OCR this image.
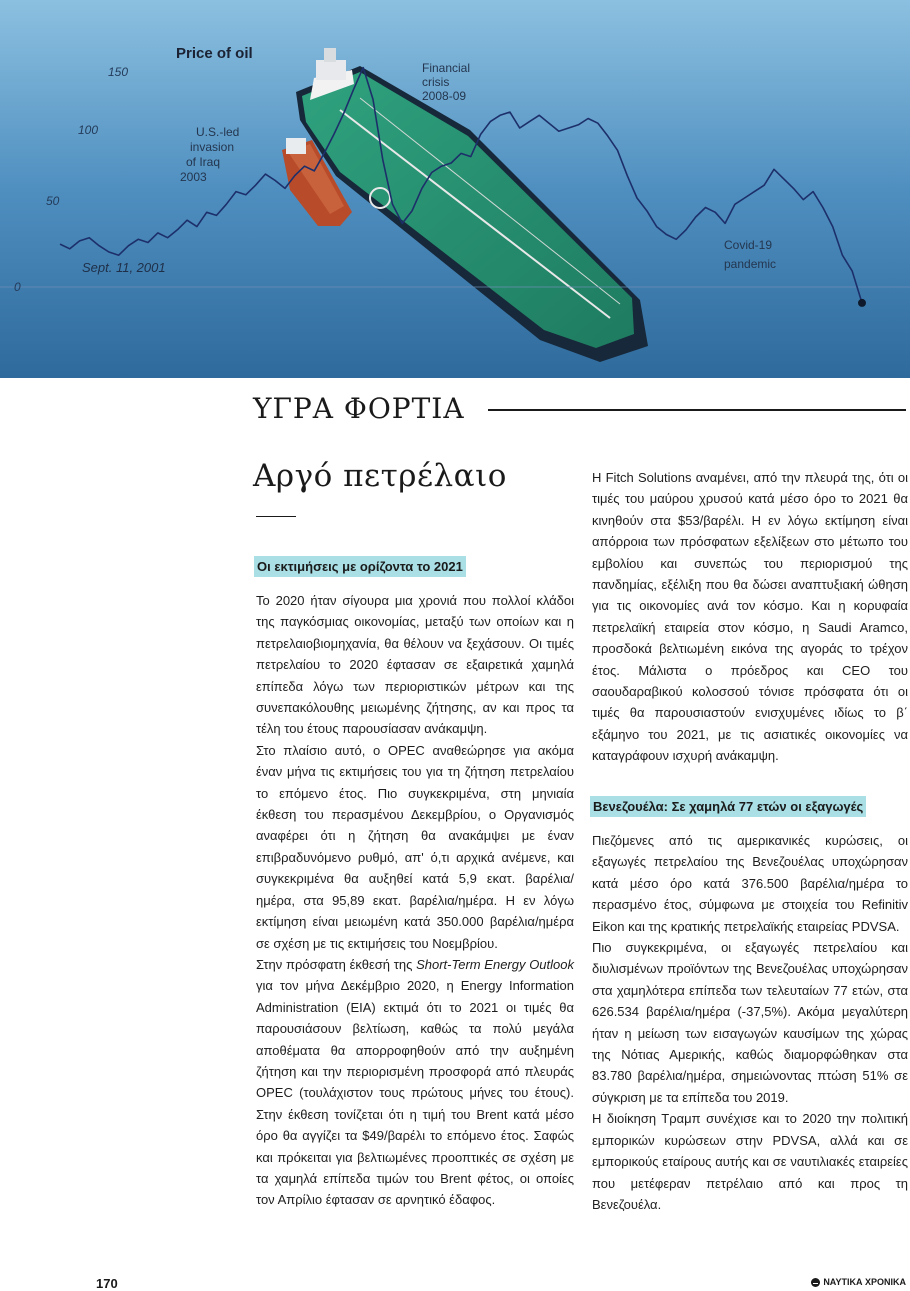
150
100
50
0
Price of oil
Sept. 11, 2001
U.S.-led
invasion
of Iraq
2003
Financial
crisis
2008-09
Covid-19
pandemic
ΥΓΡΑ ΦΟΡΤΙΑ
Αργό πετρέλαιο
Οι εκτιμήσεις με ορίζοντα το 2021

Το 2020 ήταν σίγουρα μια χρονιά που πολλοί κλάδοι της παγκόσμιας οικονομίας, μεταξύ των οποίων και η πετρελαιοβιομηχανία, θα θέλουν να ξεχάσουν. Οι τιμές πετρελαίου το 2020 έφτασαν σε εξαιρετικά χαμηλά επίπεδα λόγω των περιοριστικών μέτρων και της συνεπακόλουθης μειωμένης ζήτησης, αν και προς τα τέλη του έτους παρουσίασαν ανάκαμψη.

Στο πλαίσιο αυτό, ο OPEC αναθεώρησε για ακόμα έναν μήνα τις εκτιμήσεις του για τη ζήτηση πετρελαίου το επόμενο έτος. Πιο συγκεκριμένα, στη μηνιαία έκθεση του περασμένου Δεκεμβρίου, ο Οργανισμός αναφέρει ότι η ζήτηση θα ανακάμψει με έναν επιβραδυνόμενο ρυθμό, απ' ό,τι αρχικά ανέμενε, και συγκεκριμένα θα αυξηθεί κατά 5,9 εκατ. βαρέλια/ημέρα, στα 95,89 εκατ. βαρέλια/ημέρα. Η εν λόγω εκτίμηση είναι μειωμένη κατά 350.000 βαρέλια/ημέρα σε σχέση με τις εκτιμήσεις του Νοεμβρίου.

Στην πρόσφατη έκθεσή της Short-Term Energy Outlook για τον μήνα Δεκέμβριο 2020, η Energy Information Administration (EIA) εκτιμά ότι το 2021 οι τιμές θα παρουσιάσουν βελτίωση, καθώς τα πολύ μεγάλα αποθέματα θα απορροφηθούν από την αυξημένη ζήτηση και την περιορισμένη προσφορά από πλευράς OPEC (τουλάχιστον τους πρώτους μήνες του έτους). Στην έκθεση τονίζεται ότι η τιμή του Brent κατά μέσο όρο θα αγγίζει τα $49/βαρέλι το επόμενο έτος. Σαφώς και πρόκειται για βελτιωμένες προοπτικές σε σχέση με τα χαμηλά επίπεδα τιμών του Brent φέτος, οι οποίες τον Απρίλιο έφτασαν σε αρνητικό έδαφος.

Η Fitch Solutions αναμένει, από την πλευρά της, ότι οι τιμές του μαύρου χρυσού κατά μέσο όρο το 2021 θα κινηθούν στα $53/βαρέλι. Η εν λόγω εκτίμηση είναι απόρροια των πρόσφατων εξελίξεων στο μέτωπο του εμβολίου και συνεπώς του περιορισμού της πανδημίας, εξέλιξη που θα δώσει αναπτυξιακή ώθηση για τις οικονομίες ανά τον κόσμο. Και η κορυφαία πετρελαϊκή εταιρεία στον κόσμο, η Saudi Aramco, προσδοκά βελτιωμένη εικόνα της αγοράς το τρέχον έτος. Μάλιστα ο πρόεδρος και CEO του σαουδαραβικού κολοσσού τόνισε πρόσφατα ότι οι τιμές θα παρουσιαστούν ενισχυμένες ιδίως το β΄ εξάμηνο του 2021, με τις ασιατικές οικονομίες να καταγράφουν ισχυρή ανάκαμψη.

Βενεζουέλα: Σε χαμηλά 77 ετών οι εξαγωγές

Πιεζόμενες από τις αμερικανικές κυρώσεις, οι εξαγωγές πετρελαίου της Βενεζουέλας υποχώρησαν κατά μέσο όρο κατά 376.500 βαρέλια/ημέρα το περασμένο έτος, σύμφωνα με στοιχεία του Refinitiv Eikon και της κρατικής πετρελαϊκής εταιρείας PDVSA.

Πιο συγκεκριμένα, οι εξαγωγές πετρελαίου και διυλισμένων προϊόντων της Βενεζουέλας υποχώρησαν στα χαμηλότερα επίπεδα των τελευταίων 77 ετών, στα 626.534 βαρέλια/ημέρα (-37,5%). Ακόμα μεγαλύτερη ήταν η μείωση των εισαγωγών καυσίμων της χώρας της Νότιας Αμερικής, καθώς διαμορφώθηκαν στα 83.780 βαρέλια/ημέρα, σημειώνοντας πτώση 51% σε σύγκριση με τα επίπεδα του 2019.

Η διοίκηση Τραμπ συνέχισε και το 2020 την πολιτική εμπορικών κυρώσεων στην PDVSA, αλλά και σε εμπορικούς εταίρους αυτής και σε ναυτιλιακές εταιρείες που μετέφεραν πετρέλαιο από και προς τη Βενεζουέλα.

170	ΝΑΥΤΙΚΑ ΧΡΟΝΙΚΑ
